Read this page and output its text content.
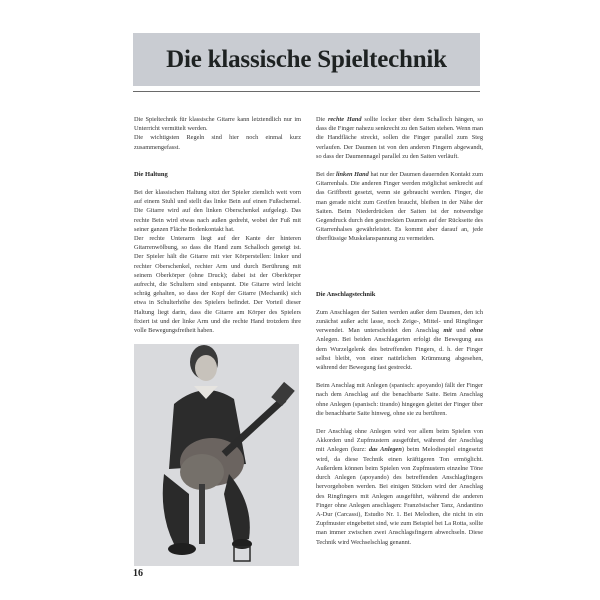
Die klassische Spieltechnik

Die Spieltechnik für klassische Gitarre kann letztendlich nur im Unterricht vermittelt werden.

Die wichtigsten Regeln sind hier noch einmal kurz zusammengefasst.

Die Haltung

Bei der klassischen Haltung sitzt der Spieler ziemlich weit vorn auf einem Stuhl und stellt das linke Bein auf einen Fußschemel. Die Gitarre wird auf den linken Oberschenkel aufgelegt. Das rechte Bein wird etwas nach außen gedreht, wobei der Fuß mit seiner ganzen Fläche Bodenkontakt hat.

Der rechte Unterarm liegt auf der Kante der hinteren Gitarrenwölbung, so dass die Hand zum Schalloch geneigt ist. Der Spieler hält die Gitarre mit vier Körperstellen: linker und rechter Oberschenkel, rechter Arm und durch Berührung mit seinem Oberkörper (ohne Druck); dabei ist der Oberkörper aufrecht, die Schultern sind entspannt. Die Gitarre wird leicht schräg gehalten, so dass der Kopf der Gitarre (Mechanik) sich etwa in Schulterhöhe des Spielers befindet. Der Vorteil dieser Haltung liegt darin, dass die Gitarre am Körper des Spielers fixiert ist und der linke Arm und die rechte Hand trotzdem ihre volle Bewegungsfreiheit haben.

Die rechte Hand sollte locker über dem Schalloch hängen, so dass die Finger nahezu senkrecht zu den Saiten stehen. Wenn man die Handfläche streckt, sollen die Finger parallel zum Steg verlaufen. Der Daumen ist von den anderen Fingern abgewandt, so dass der Daumennagel parallel zu den Saiten verläuft.

Bei der linken Hand hat nur der Daumen dauernden Kontakt zum Gitarrenhals. Die anderen Finger werden möglichst senkrecht auf das Griffbrett gesetzt, wenn sie gebraucht werden. Finger, die man gerade nicht zum Greifen braucht, bleiben in der Nähe der Saiten. Beim Niederdrücken der Saiten ist der notwendige Gegendruck durch den gestreckten Daumen auf der Rückseite des Gitarrenhalses gewährleistet. Es kommt aber darauf an, jede überflüssige Muskelanspannung zu vermeiden.

Die Anschlagstechnik

Zum Anschlagen der Saiten werden außer dem Daumen, den ich zunächst außer acht lasse, noch Zeige-, Mittel- und Ringfinger verwendet. Man unterscheidet den Anschlag mit und ohne Anlegen. Bei beiden Anschlagarten erfolgt die Bewegung aus dem Wurzelgelenk des betreffenden Fingers, d. h. der Finger selbst bleibt, von einer natürlichen Krümmung abgesehen, während der Bewegung fast gestreckt.

Beim Anschlag mit Anlegen (spanisch: apoyando) fällt der Finger nach dem Anschlag auf die benachbarte Saite. Beim Anschlag ohne Anlegen (spanisch: tirando) hingegen gleitet der Finger über die benachbarte Saite hinweg, ohne sie zu berühren.

Der Anschlag ohne Anlegen wird vor allem beim Spielen von Akkorden und Zupfmustern ausgeführt, während der Anschlag mit Anlegen (kurz: das Anlegen) beim Melodiespiel eingesetzt wird, da diese Technik einen kräftigeren Ton ermöglicht. Außerdem können beim Spielen von Zupfmustern einzelne Töne durch Anlegen (apoyando) des betreffenden Anschlagfingers hervorgehoben werden. Bei einigen Stücken wird der Anschlag des Ringfingers mit Anlegen ausgeführt, während die anderen Finger ohne Anlegen anschlagen: Französischer Tanz, Andantino A-Dur (Carcassi), Estudio Nr. 1. Bei Melodien, die nicht in ein Zupfmuster eingebettet sind, wie zum Beispiel bei La Rotta, sollte man immer zwischen zwei Anschlagsfingern abwechseln. Diese Technik wird Wechselschlag genannt.

16
